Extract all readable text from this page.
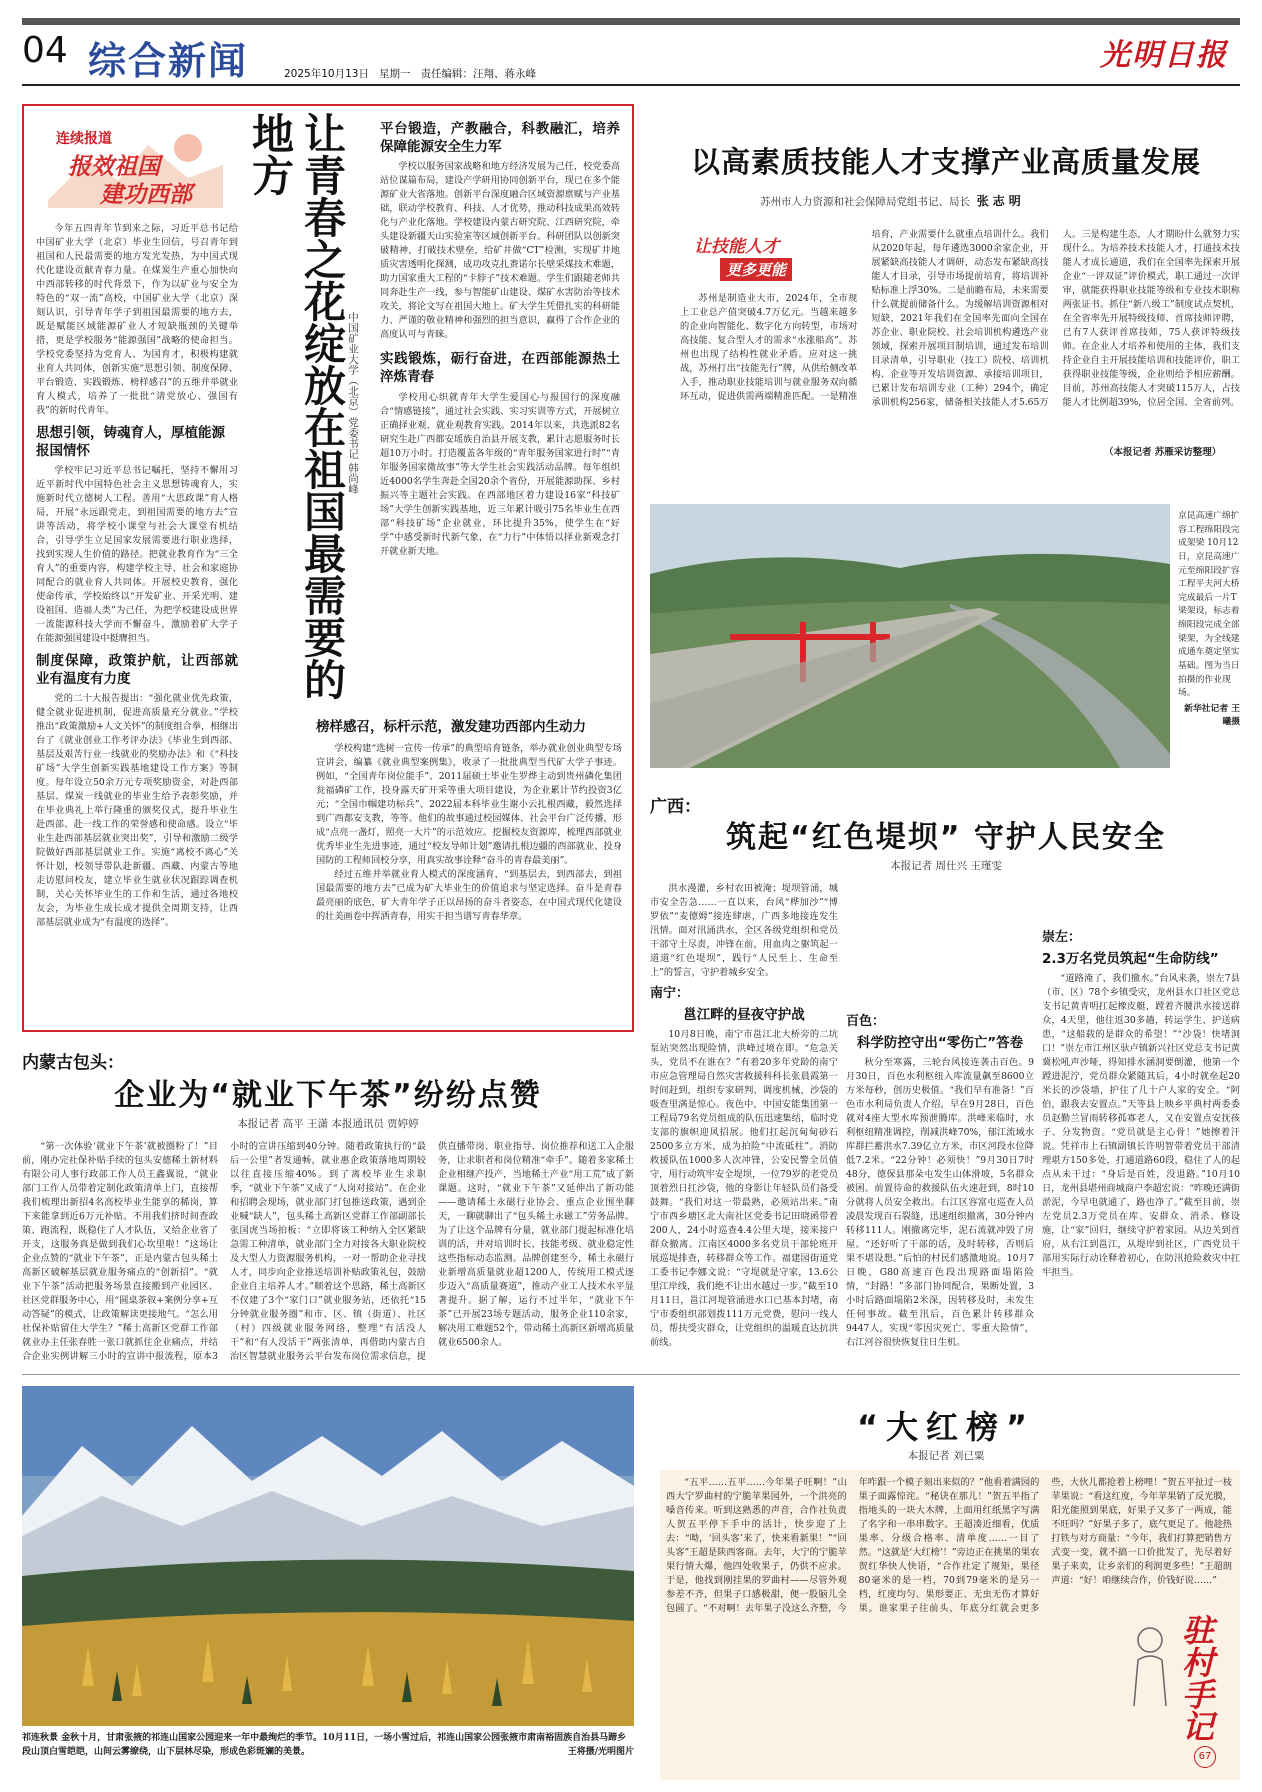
04 综合新闻	2025年10月13日 星期一 责任编辑：汪翔、蒋永峰
光明日报
连续报道
报效祖国
建功西部

今年五四青年节到来之际，习近平总书记给中国矿业大学（北京）毕业生回信，号召青年到祖国和人民最需要的地方发光发热，为中国式现代化建设贡献青春力量。在煤炭生产重心加快向中西部转移的时代背景下，作为以矿业与安全为特色的“双一流”高校，中国矿业大学（北京）深刻认识，引导青年学子到祖国最需要的地方去，既是赋能区域能源矿业人才短缺瓶颈的关键举措，更是学校服务“能源强国”战略的使命担当。学校党委坚持为党育人、为国育才，积极构建就业育人共同体，创新实施“思想引领、制度保障、平台锻造、实践锻炼、榜样感召”的五维并举就业育人模式，培养了一批批“请党放心、强国有我”的新时代青年。

思想引领，铸魂育人，厚植能源报国情怀

学校牢记习近平总书记嘱托，坚持不懈用习近平新时代中国特色社会主义思想铸魂育人，实施新时代立德树人工程。善用“大思政课”育人格局，开展“永远跟党走，到祖国需要的地方去”宣讲等活动，将学校小课堂与社会大课堂有机结合，引导学生立足国家发展需要进行职业选择，找到实现人生价值的路径。把就业教育作为“三全育人”的重要内容，构建学校主导、社会和家庭协同配合的就业育人共同体。开展校史教育，强化使命传承，学校始终以“开发矿业、开采光明、建设祖国、造福人类”为己任，为把学校建设成世界一流能源科技大学而不懈奋斗，激励着矿大学子在能源强国建设中挺膺担当。

制度保障，政策护航，让西部就业有温度有力度

党的二十大报告提出：“强化就业优先政策，健全就业促进机制，促进高质量充分就业。”学校推出“政策激励+人文关怀”的制度组合拳，相继出台了《就业创业工作考评办法》《毕业生到西部、基层及艰苦行业一线就业的奖励办法》和《“科技矿场”大学生创新实践基地建设工作方案》等制度。每年设立50余万元专项奖励资金，对赴西部基层、煤炭一线就业的毕业生给予表彰奖励，并在毕业典礼上举行隆重的颁奖仪式，提升毕业生赴西部、赴一线工作的荣誉感和使命感。设立“毕业生赴西部基层就业突出奖”，引导和激励二级学院做好西部基层就业工作。实施“离校不离心”关怀计划，校领导带队赴新疆、西藏、内蒙古等地走访慰问校友，建立毕业生就业状况跟踪调查机制，关心关怀毕业生的工作和生活，通过各地校友会，为毕业生成长成才提供全周期支持，让西部基层就业成为“有温度的选择”。

让青春之花绽放在祖国最需要的地方
中国矿业大学（北京）党委书记 韩尚峰
平台锻造，产教融合，科教融汇，培养保障能源安全生力军

学校以服务国家战略和地方经济发展为己任，校党委高站位谋篇布局，建设产学研用协同创新平台，现已在多个能源矿业大省落地。创新平台深度融合区域资源禀赋与产业基础，联动学校教育、科技、人才优势，推动科技成果高效转化与产业化落地。学校建设内蒙古研究院、江西研究院，牵头建设新疆天山实验室等区域创新平台。科研团队以创新突破精神，打破技术壁垒，给矿井做“CT”检测，实现矿井地质灾害透明化探测，成功攻克扎赉诺尔长壁采煤技术难题，助力国家重大工程的“卡脖子”技术难题。学生们跟随老师共同奔赴生产一线，参与智能矿山建设、煤矿水害防治等技术攻关，将论文写在祖国大地上。矿大学生凭借扎实的科研能力、严谨的敬业精神和强烈的担当意识，赢得了合作企业的高度认可与青睐。

实践锻炼，砺行奋进，在西部能源热土淬炼青春

学校用心织就青年大学生爱国心与报国行的深度融合“情感链接”，通过社会实践、实习实训等方式，开展树立正确择业观、就业观教育实践。2014年以来，共选派82名研究生赴广西都安瑶族自治县开展支教，累计志愿服务时长超10万小时。打造覆盖各年级的“青年服务国家进行时”“青年服务国家微故事”等大学生社会实践活动品牌。每年组织近4000名学生奔赴全国20余个省份，开展能源助探、乡村振兴等主题社会实践。在西部地区着力建设16家“科技矿场”大学生创新实践基地，近三年累计吸引75名毕业生在西部“科技矿场”企业就业，环比提升35%，使学生在“好学”中感受新时代新气象，在“力行”中体悟以择业新观念打开就业新天地。

榜样感召，标杆示范，激发建功西部内生动力

学校构建“选树一宣传一传承”的典型培育链条，举办就业创业典型专场宣讲会，编纂《就业典型案例集》，收录了一批批典型当代矿大学子事迹。例如，“全国青年岗位能手”、2011届硕士毕业生罗烨主动到贵州磷化集团瓮福磷矿工作，投身露天矿开采等重大项目建设，为企业累计节约投资3亿元；“全国巾帼建功标兵”、2022届本科毕业生谢小云扎根西藏，毅然选择到广西都安支教，等等。他们的故事通过校园媒体、社会平台广泛传播，形成“点亮一盏灯，照亮一大片”的示范效应。挖掘校友资源库，梳理西部就业优秀毕业生先进事迹，通过“校友导师计划”邀请扎根边疆的西部就业、投身国防的工程师回校分享，用真实故事诠释“奋斗的青春最美丽”。

经过五维并举就业育人模式的深度涵育，“到基层去，到西部去，到祖国最需要的地方去”已成为矿大毕业生的价值追求与坚定选择。奋斗是青春最亮丽的底色，矿大青年学子正以昂扬的奋斗者姿态，在中国式现代化建设的壮美画卷中挥洒青春，用实干担当谱写青春华章。

以高素质技能人才支撑产业高质量发展
苏州市人力资源和社会保障局党组书记、局长 张志明
让技能人才
更多更能

苏州是制造业大市，2024年，全市规上工业总产值突破4.7万亿元。当越来越多的企业向智能化、数字化方向转型，市场对高技能、复合型人才的需求“水涨船高”。苏州也出现了结构性就业矛盾。应对这一挑战，苏州打出“技能先行”牌，从供给侧改革入手，推动职业技能培训与就业服务双向循环互动，促进供需两端精准匹配。一是精准培育，产业需要什么就重点培训什么。我们从2020年起，每年遴选3000余家企业，开展紧缺高技能人才调研，动态发布紧缺高技能人才目录，引导市场提前培育，将培训补贴标准上浮30%。二是前瞻布局，未来需要什么就提前储备什么。为缓解培训资源相对短缺，2021年我们在全国率先面向全国在苏企业、职业院校、社会培训机构遴选产业领域，探索开展项目制培训，通过发布培训目录清单，引导职业（技工）院校、培训机构、企业等开发培训资源、承接培训项目，已累计发布培训专业（工种）294个，确定承训机构256家，储备相关技能人才5.65万人。三是构建生态，人才期盼什么就努力实现什么。为培养技术技能人才，打通技术技能人才成长通道，我们在全国率先探索开展企业“一评双证”评价模式，职工通过一次评审，就能获得职业技能等级和专业技术职称两张证书。抓住“新八级工”制度试点契机，在全省率先开展特级技师、首席技师评聘，已有7人获评首席技师，75人获评特级技师。在企业人才培养和使用的主体，我们支持企业自主开展技能培训和技能评价，职工获得职业技能等级，企业则给予相应薪酬。目前，苏州高技能人才突破115万人，占技能人才比例超39%，位居全国、全省前列。

（本报记者 苏雁采访整理）
京昆高速广绵扩容工程绵阳段完成架梁 10月12日，京昆高速广元至绵阳段扩容工程平夫河大桥完成最后一片T梁架设，标志着绵阳段完成全部梁架，为全线建成通车奠定坚实基础。图为当日拍摄的作业现场。
新华社记者 王曦摄
广西：
筑起“红色堤坝” 守护人民安全
本报记者 周仕兴 王瑾雯

洪水漫灌，乡村农田被淹；堤坝管涌，城市安全告急……一直以来，台风“桦加沙”“博罗依”“麦德姆”接连肆虐，广西多地接连发生汛情。面对汛涌洪水，全区各级党组织和党员干部守土尽责，冲锋在前，用血肉之躯筑起一道道“红色堤坝”，践行“人民至上、生命至上”的誓言，守护着城乡安全。

南宁：
邕江畔的昼夜守护战

10月8日晚，南宁市邕江北大桥旁的二坑泵站突然出现险情，洪峰过境在即。“危急关头，党员不在谁在？”有着20多年党龄的南宁市应急管理局自然灾害救援科科长张晨霞第一时间赶到，组织专家研判、调度机械，沙袋的吸查里满是惊心。夜色中，中国安能集团第一工程局79名党员组成的队伍迅速集结，临时党支部的旗帜迎风招展。他们扛起沉甸甸砂石2500多立方米，成为拍险“中流砥柱”。消防救援队伍1000多人次冲锋，公安民警全员值守，用行动筑牢安全堤坝，一位79岁的老党员顶着烈日扛沙袋，他的身影让年轻队员们备受鼓舞。“我们对这一带最熟，必须站出来。”南宁市西乡塘区北大南社区党委书记田晓函带着200人，24小时巡查4.4公里大堤，接来接户群众撤离。江南区4000多名党员干部轮班开展巡堤排查，转移群众等工作。福建园街道党工委书记李娜文说：“守堤就是守家，13.6公里江岸线，我们绝不让出水越过一步。”截至10月11日，邕江河堤管涌进水口已基本封堵，南宁市委组织部划拨111万元党费，慰问一线人员，帮扶受灾群众，让党组织的温暖直达抗洪前线。

百色：
科学防控守出“零伤亡”答卷

秋分至寒露，三轮台风接连袭击百色。9月30日，百色水利枢纽入库流量飙至8600立方米每秒，创历史极值。“我们早有准备！”百色市水利局负责人介绍，早在9月28日，百色就对4座大型水库预泄腾库。洪峰来临时，水利枢纽精准调控，削减洪峰70%，郁江流域水库群拦蓄洪水7.39亿立方米，市区河段水位降低7.2米。“22分钟！必须快！”9月30日7时48分，德保县那朵屯发生山体滑坡，5名群众被困。前置待命的救援队伍火速赶到，8时10分就将人员安全救出。右江区容富屯巡查人员凌晨发现百石裂缝，迅速组织撤离，30分钟内转移111人。刚撤离完毕，泥石流就冲毁了房屋。“还好听了干部的话，及时转移，否则后果不堪设想。”后怕的村民们感激地说。10月7日晚，G80高速百色段出现路面塌陷险情，“封路！”多部门协同配合，果断处置，3小时后路面塌陷2米深，因转移及时，未发生任何事故。截至汛后，百色累计转移群众9447人，实现“零因灾死亡、零重大险情”，右江河谷很快恢复往日生机。

崇左：
2.3万名党员筑起“生命防线”

“道路淹了，我们撤水。”台风来袭，崇左7县（市、区）78个乡镇受灾，龙州县水口社区党总支书记黄青明扛起橡皮艇，蹚着齐腰洪水接送群众，4天里，他往返30多趟，转运学生、护送病患，“这船载的是群众的希望！”“沙袋！快堵洞口！”崇左市江州区驮卢镇新兴社区党总支书记黄冀松吼声沙哑，得知排水涵洞要倒灌，他第一个蹚进泥泞，党员群众紧随其后，4小时就垒起20米长的沙袋墙，护住了几十户人家的安全。“阿伯，跟我去安置点。”天等县上映乡平典村两委委员赵勤兰冒雨转移孤寡老人，又在安置点安抚孩子、分发物资。“党员就是主心骨！”她擦着汗说。凭祥市上石镇副镇长许明智带着党员干部清理堪方150多处，打通道路60段，稳住了人的起点从未干过：“身后是百姓，没退路。”10月10日，龙州县堪州商城商户李超宏说：“昨晚还满街淤泥，今早电就通了，路也净了。”截至目前，崇左党员2.3万党员在库、安群众、消杀、修设施，让“家”回归，继续守护着家园。从边关到首府，从右江到邕江，从堤岸到社区，广西党员干部用实际行动诠释着初心，在防汛抢险救灾中扛牢担当。

内蒙古包头：
企业为“就业下午茶”纷纷点赞
本报记者 高平 王潇 本报通讯员 贾婷婷

“第一次体验‘就业下午茶’就被圈粉了！”目前，刚办完社保补贴手续的包头安德稀土新材料有限公司人事行政部工作人员王鑫翼说，“就业部门工作人员带着定制化政策清单上门，直接帮我们梳理出新招4名高校毕业生能享的稀岗，算下来能拿到近6万元补贴。不用我们挤时间查政策、跑流程，既稳住了人才队伍，又给企业省了开支，这服务真是做到我们心坎里啦！”这场让企业点赞的“就业下午茶”，正是内蒙古包头稀土高新区破解基层就业服务痛点的“创新招”。“就业下午茶”活动把服务场景直接搬到产业园区、社区党群服务中心，用“圆桌茶叙+案例分享+互动答疑”的模式，让政策解读更接地气。“怎么用社保补贴留住大学生？”稀土高新区党群工作部就业办主任张春胜一张口就抓住企业痛点，并结合企业实例讲解三小时的宣讲中报流程，原本3小时的宣讲压缩到40分钟。随着政策执行的“最后一公里”者发通畅，就业惠企政策落地周期较以往直接压缩40%。到了离校毕业生求职季，“就业下午茶”又成了“人岗对接站”。在企业和招聘会现场，就业部门打包推送政策，遇到企业喊“缺人”，包头稀土高新区党群工作部副部长张国虎当场拍板：“立即将该工种纳入全区紧缺急需工种清单，就业部门全力对接各大职业院校及大型人力资源服务机构，一对一帮助企业寻找人才，同步向企业推送培训补贴政策礼包，鼓励企业自主培养人才。”顺着这个思路，稀土高新区不仅建了3个“家门口”就业服务站，还依托“15分钟就业服务圈”和市、区、镇（街道）、社区（村）四级就业服务网络，整理“有活没人干”和“有人没活干”两张清单，再借助内蒙古自治区智慧就业服务云平台发布岗位需求信息，提供直播带岗、职业指导、岗位推荐和送工入企服务，让求职者和岗位精准“牵手”。随着多家稀土企业相继产投产，当地稀土产业“用工荒”成了新课题。这时，“就业下午茶”又延伸出了新功能——邀请稀土永磁行业协会、重点企业围坐聊天，一聊就聊出了“包头稀土永磁工”劳务品牌。为了让这个品牌有分量，就业部门提起标准化培训的活，并对培训时长、技能考级、就业稳定性这些指标动态监测。品牌创建至今，稀土永磁行业新增高质量就业超1200人，传统用工模式逐步迈入“高质量赛道”，推动产业工人技术水平显著提升。据了解，运行不过半年，“就业下午茶”已开展23场专题活动，服务企业110余家，解决用工难题52个，带动稀土高新区新增高质量就业6500余人。

祁连秋景 金秋十月，甘肃张掖的祁连山国家公园迎来一年中最绚烂的季节。10月11日，一场小雪过后，祁连山国家公园张掖市肃南裕固族自治县马蹄乡段山顶白雪皑皑，山间云雾缭绕，山下层林尽染，形成色彩斑斓的美景。	王将摄/光明图片
“大红榜”
本报记者 刘已粟

“五平……五平……今年果子旺啊！”山西大宁罗曲村的宁脆苹果园外，一个洪亮的嗓音传来。听到这熟悉的声音，合作社负责人贺五平停下手中的活计，快步迎了上去：“呦，‘回头客’来了，快来看新果！”“回头客”王超是陕西客商。去年，大宁的宁脆苹果行情大爆，他四处收果子，仍供不应求。于是，他找到刚挂果的罗曲村——尽管外观参差不齐，但果子口感极甜，便一股脑儿全包圆了。“不对啊！去年果子没这么齐整，今年咋跟一个模子刻出来似的？”他看着满园的果子面露惊诧。“秘诀在那儿！”贺五平指了指地头的一块大木牌，上面用红纸黑字写满了名字和一串串数字。王超凑近细看，优质果率、分级合格率、清单度……一目了然。“这就是‘大红榜’！”旁边正在挑果的果农贺红华快人快语，“合作社定了规矩，果径80毫米的是一档，70到79毫米的是另一档，红度均匀、果形要正、无虫无伤才算好果。谁家果子往前头，年底分红就会更多些，大伙儿都抢着上榜哩！”贺五平扯过一枝苹果说：“看这红度，今年苹果销了反光膜，阳光能照到果底，好果子又多了一两成，能不旺吗？”好果子多了，底气更足了。他趁热打铁与对方商量：“今年，我们打算把销售方式变一变，就不搞一口价批发了，先尽着好果子来卖，让乡亲们的利润更多些！”王超朗声道：“好！咱继续合作，价钱好说……”

驻村手记
67
